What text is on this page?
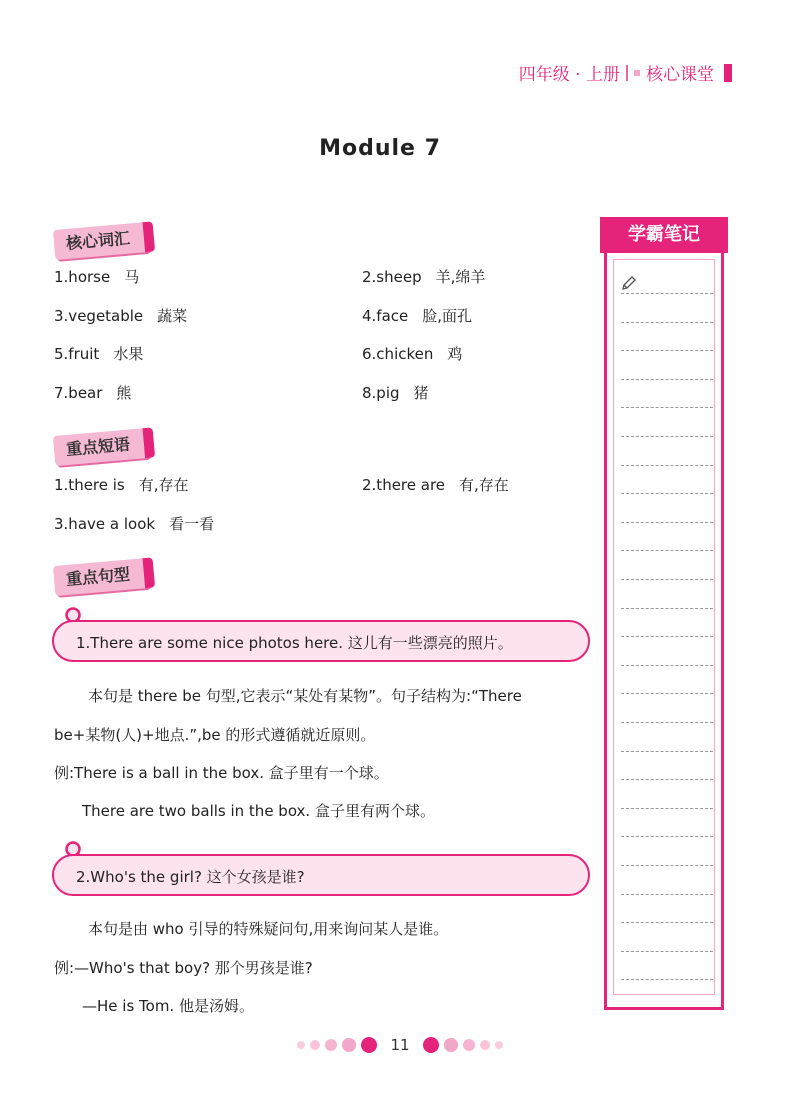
四年级 · 上册 核心课堂
Module 7
核心词汇
1.horse 马	2.sheep 羊,绵羊
3.vegetable 蔬菜	4.face 脸,面孔
5.fruit 水果	6.chicken 鸡
7.bear 熊	8.pig 猪
重点短语
1.there is 有,存在	2.there are 有,存在
3.have a look 看一看
重点句型
1.There are some nice photos here. 这儿有一些漂亮的照片。
本句是 there be 句型,它表示“某处有某物”。句子结构为:“There
be+某物(人)+地点.”,be 的形式遵循就近原则。
例:There is a ball in the box. 盒子里有一个球。
There are two balls in the box. 盒子里有两个球。
2.Who's the girl? 这个女孩是谁?
本句是由 who 引导的特殊疑问句,用来询问某人是谁。
例:—Who's that boy? 那个男孩是谁?
—He is Tom. 他是汤姆。
学霸笔记
11
